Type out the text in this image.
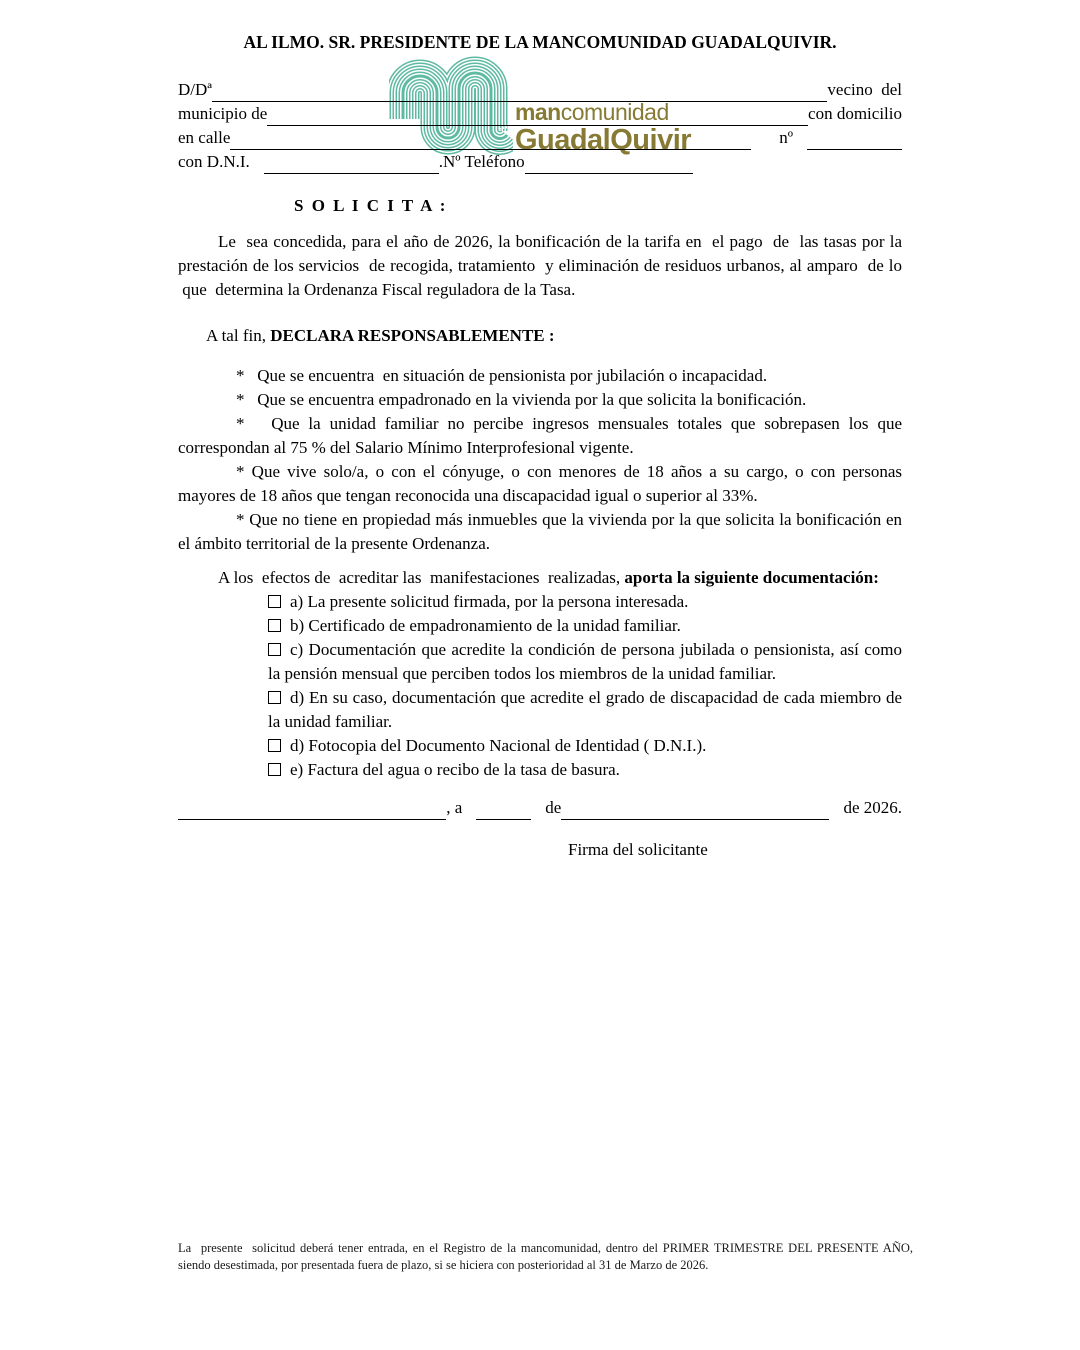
mancomunidad
GuadalQuivir
AL ILMO. SR. PRESIDENTE DE LA MANCOMUNIDAD GUADALQUIVIR.
D/Dª	vecino  del
municipio de	con domicilio
en calle	nº
con D.N.I.	.Nº Teléfono
S O L I C I T A :

Le  sea concedida, para el año de 2026, la bonificación de la tarifa en  el pago  de  las tasas por la prestación de los servicios  de recogida, tratamiento  y eliminación de residuos urbanos, al amparo  de lo  que  determina la Ordenanza Fiscal reguladora de la Tasa.

A tal fin, DECLARA RESPONSABLEMENTE :

*   Que se encuentra  en situación de pensionista por jubilación o incapacidad.

*   Que se encuentra empadronado en la vivienda por la que solicita la bonificación.

*   Que la unidad familiar no percibe ingresos mensuales totales que sobrepasen los que correspondan al 75 % del Salario Mínimo Interprofesional vigente.

* Que vive solo/a, o con el cónyuge, o con menores de 18 años a su cargo, o con personas mayores de 18 años que tengan reconocida una discapacidad igual o superior al 33%.

* Que no tiene en propiedad más inmuebles que la vivienda por la que solicita la bonificación en el ámbito territorial de la presente Ordenanza.

A los  efectos de  acreditar las  manifestaciones  realizadas, aporta la siguiente documentación:

a) La presente solicitud firmada, por la persona interesada.

b) Certificado de empadronamiento de la unidad familiar.

c) Documentación que acredite la condición de persona jubilada o pensionista, así como la pensión mensual que perciben todos los miembros de la unidad familiar.

d) En su caso, documentación que acredite el grado de discapacidad de cada miembro de la unidad familiar.

d) Fotocopia del Documento Nacional de Identidad ( D.N.I.).

e) Factura del agua o recibo de la tasa de basura.

, a	de	de 2026.
Firma del solicitante
La  presente  solicitud deberá tener entrada, en el Registro de la mancomunidad, dentro del PRIMER TRIMESTRE DEL PRESENTE AÑO, siendo desestimada, por presentada fuera de plazo, si se hiciera con posterioridad al 31 de Marzo de 2026.
